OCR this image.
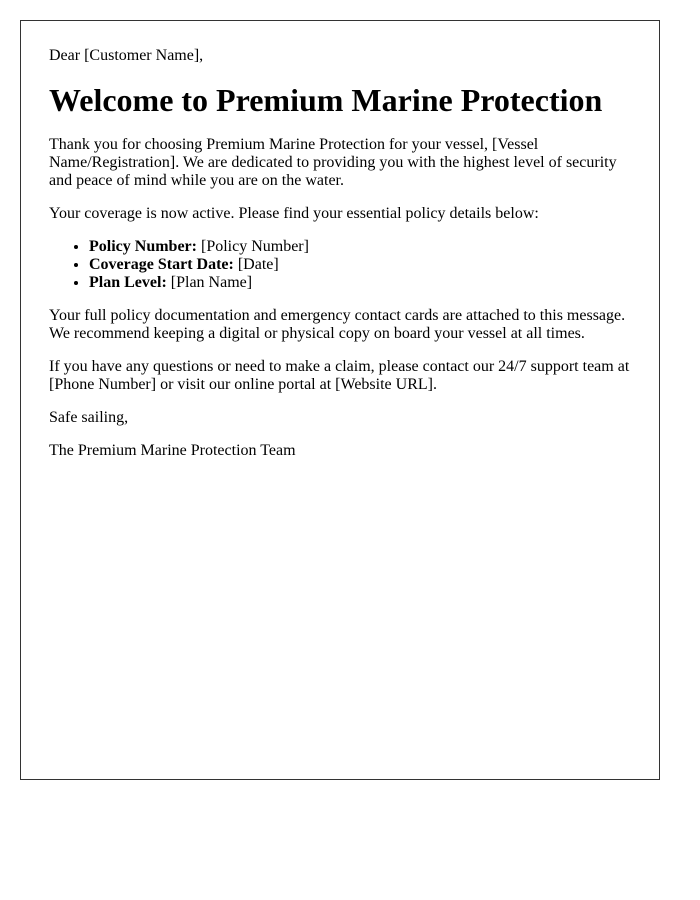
Dear [Customer Name],

Welcome to Premium Marine Protection

Thank you for choosing Premium Marine Protection for your vessel, [Vessel Name/Registration]. We are dedicated to providing you with the highest level of security and peace of mind while you are on the water.

Your coverage is now active. Please find your essential policy details below:

• Policy Number: [Policy Number]
• Coverage Start Date: [Date]
• Plan Level: [Plan Name]

Your full policy documentation and emergency contact cards are attached to this message. We recommend keeping a digital or physical copy on board your vessel at all times.

If you have any questions or need to make a claim, please contact our 24/7 support team at [Phone Number] or visit our online portal at [Website URL].

Safe sailing,

The Premium Marine Protection Team
